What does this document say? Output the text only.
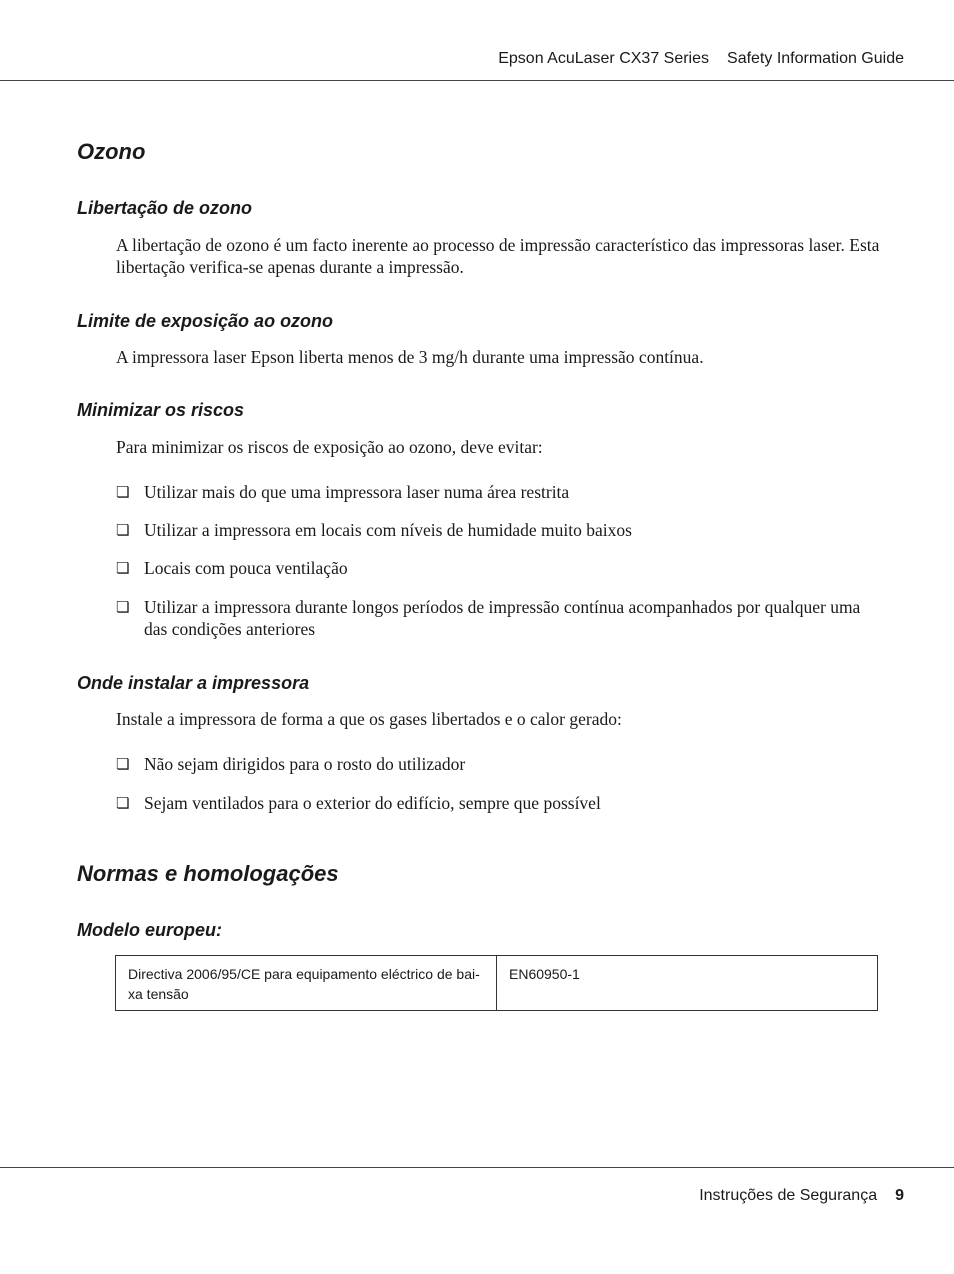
Epson AcuLaser CX37 Series Safety Information Guide
Ozono
Libertação de ozono

A libertação de ozono é um facto inerente ao processo de impressão característico das impressoras laser. Esta libertação verifica-se apenas durante a impressão.

Limite de exposição ao ozono

A impressora laser Epson liberta menos de 3 mg/h durante uma impressão contínua.

Minimizar os riscos

Para minimizar os riscos de exposição ao ozono, deve evitar:

❏ Utilizar mais do que uma impressora laser numa área restrita
❏ Utilizar a impressora em locais com níveis de humidade muito baixos
❏ Locais com pouca ventilação
❏ Utilizar a impressora durante longos períodos de impressão contínua acompanhados por qualquer uma das condições anteriores
Onde instalar a impressora

Instale a impressora de forma a que os gases libertados e o calor gerado:

❏ Não sejam dirigidos para o rosto do utilizador
❏ Sejam ventilados para o exterior do edifício, sempre que possível
Normas e homologações
Modelo europeu:
Directiva 2006/95/CE para equipamento eléctrico de bai-
xa tensão	EN60950-1
Instruções de Segurança 9
